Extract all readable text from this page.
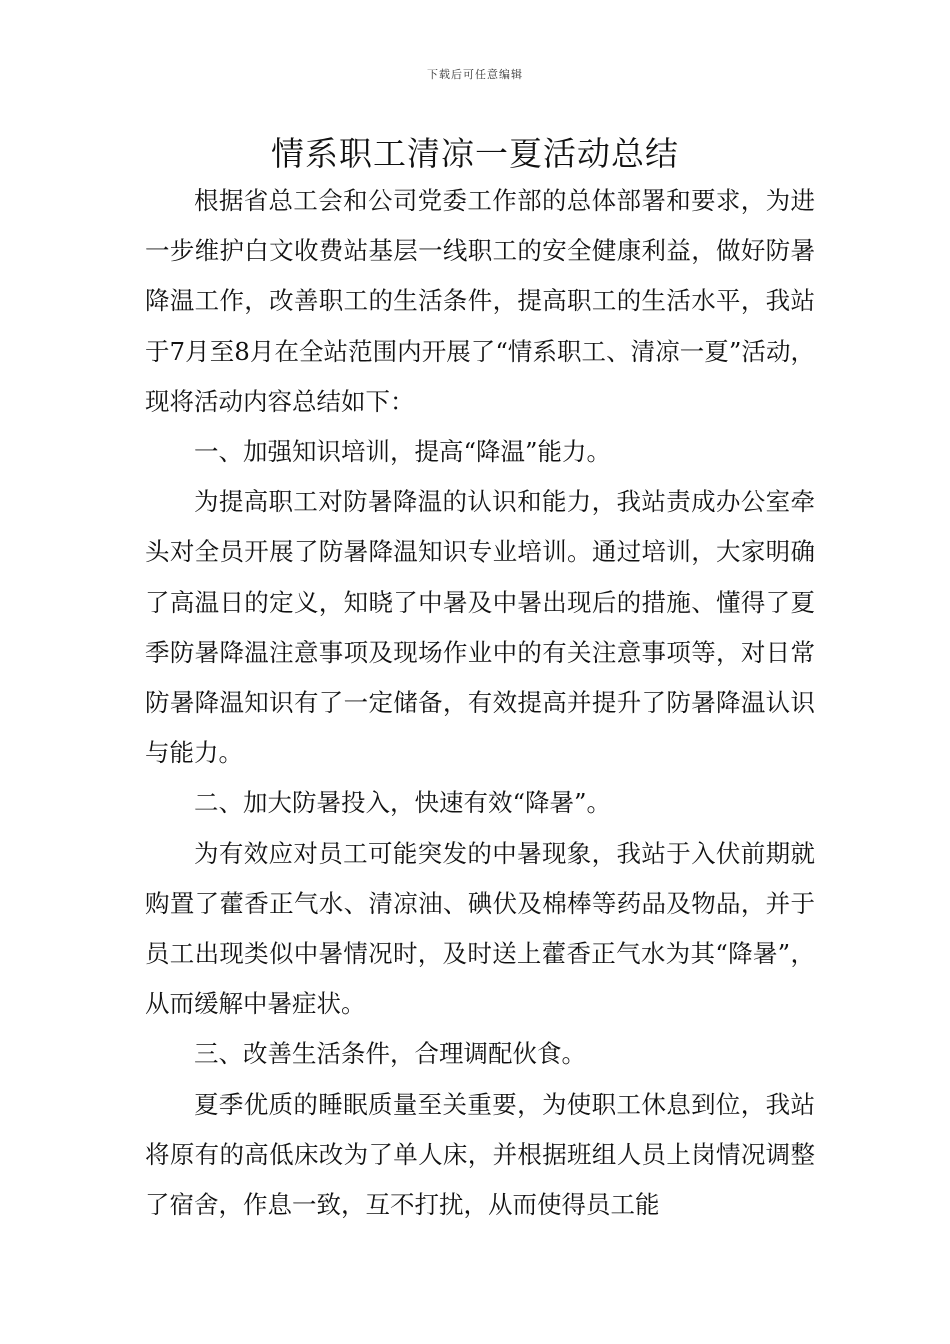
下载后可任意编辑
情系职工清凉一夏活动总结

根据省总工会和公司党委工作部的总体部署和要求，为进一步维护白文收费站基层一线职工的安全健康利益，做好防暑降温工作，改善职工的生活条件，提高职工的生活水平，我站于7月至8月在全站范围内开展了“情系职工、清凉一夏”活动，现将活动内容总结如下：

一、加强知识培训，提高“降温”能力。

为提高职工对防暑降温的认识和能力，我站责成办公室牵头对全员开展了防暑降温知识专业培训。通过培训，大家明确了高温日的定义，知晓了中暑及中暑出现后的措施、懂得了夏季防暑降温注意事项及现场作业中的有关注意事项等，对日常防暑降温知识有了一定储备，有效提高并提升了防暑降温认识与能力。

二、加大防暑投入，快速有效“降暑”。

为有效应对员工可能突发的中暑现象，我站于入伏前期就购置了藿香正气水、清凉油、碘伏及棉棒等药品及物品，并于员工出现类似中暑情况时，及时送上藿香正气水为其“降暑”，从而缓解中暑症状。

三、改善生活条件，合理调配伙食。

夏季优质的睡眠质量至关重要，为使职工休息到位，我站将原有的高低床改为了单人床，并根据班组人员上岗情况调整了宿舍，作息一致，互不打扰，从而使得员工能
